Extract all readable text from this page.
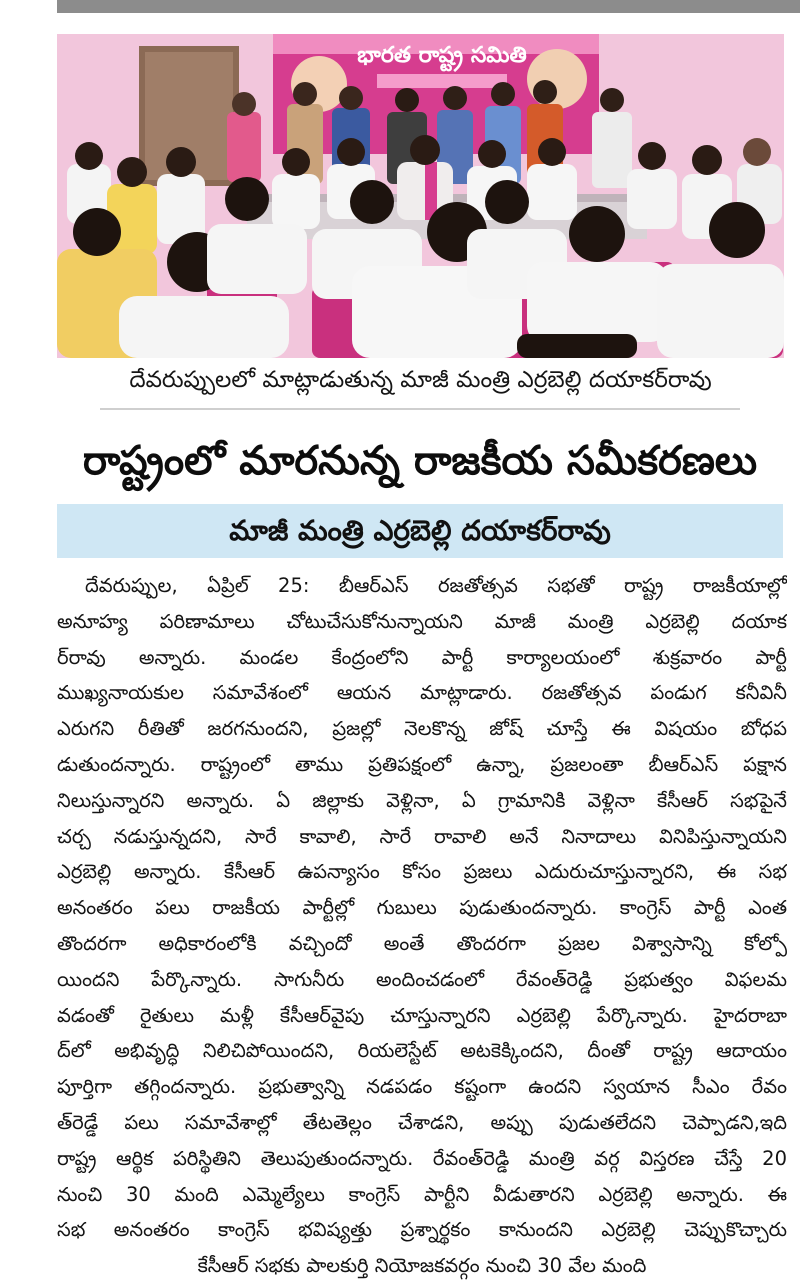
భారత రాష్ట్ర సమితి
దేవరుప్పులలో మాట్లాడుతున్న మాజీ మంత్రి ఎర్రబెల్లి దయాకర్‌రావు
రాష్ట్రంలో మారనున్న రాజకీయ సమీకరణలు
మాజీ మంత్రి ఎర్రబెల్లి దయాకర్‌రావు
దేవరుప్పుల, ఏప్రిల్ 25: బీఆర్ఎస్ రజతోత్సవ సభతో రాష్ట్ర రాజకీయాల్లో
అనూహ్య పరిణామాలు చోటుచేసుకోనున్నాయని మాజీ మంత్రి ఎర్రబెల్లి దయాక
ర్‌రావు అన్నారు. మండల కేంద్రంలోని పార్టీ కార్యాలయంలో శుక్రవారం పార్టీ
ముఖ్యనాయకుల సమావేశంలో ఆయన మాట్లాడారు. రజతోత్సవ పండుగ కనీవినీ
ఎరుగని రీతితో జరగనుందని, ప్రజల్లో నెలకొన్న జోష్ చూస్తే ఈ విషయం బోధప
డుతుందన్నారు. రాష్ట్రంలో తాము ప్రతిపక్షంలో ఉన్నా, ప్రజలంతా బీఆర్ఎస్ పక్షాన
నిలుస్తున్నారని అన్నారు. ఏ జిల్లాకు వెళ్లినా, ఏ గ్రామానికి వెళ్లినా కేసీఆర్ సభపైనే
చర్చ నడుస్తున్నదని, సారే కావాలి, సారే రావాలి అనే నినాదాలు వినిపిస్తున్నాయని
ఎర్రబెల్లి అన్నారు. కేసీఆర్ ఉపన్యాసం కోసం ప్రజలు ఎదురుచూస్తున్నారని, ఈ సభ
అనంతరం పలు రాజకీయ పార్టీల్లో గుబులు పుడుతుందన్నారు. కాంగ్రెస్ పార్టీ ఎంత
తొందరగా అధికారంలోకి వచ్చిందో అంతే తొందరగా ప్రజల విశ్వాసాన్ని కోల్పో
యిందని పేర్కొన్నారు. సాగునీరు అందించడంలో రేవంత్‌రెడ్డి ప్రభుత్వం విఫలమ
వడంతో రైతులు మళ్లీ కేసీఆర్‌వైపు చూస్తున్నారని ఎర్రబెల్లి పేర్కొన్నారు. హైదరాబా
ద్‌లో అభివృద్ధి నిలిచిపోయిందని, రియలెస్టేట్ అటకెక్కిందని, దీంతో రాష్ట్ర ఆదాయం
పూర్తిగా తగ్గిందన్నారు. ప్రభుత్వాన్ని నడపడం కష్టంగా ఉందని స్వయాన సీఎం రేవం
త్‌రెడ్డే పలు సమావేశాల్లో తేటతెల్లం చేశాడని, అప్పు పుడుతలేదని చెప్పాడని,ఇది
రాష్ట్ర ఆర్థిక పరిస్థితిని తెలుపుతుందన్నారు. రేవంత్‌రెడ్డి మంత్రి వర్గ విస్తరణ చేస్తే 20
నుంచి 30 మంది ఎమ్మెల్యేలు కాంగ్రెస్ పార్టీని వీడుతారని ఎర్రబెల్లి అన్నారు. ఈ
సభ అనంతరం కాంగ్రెస్ భవిష్యత్తు ప్రశ్నార్థకం కానుందని ఎర్రబెల్లి చెప్పుకొచ్చారు
కేసీఆర్ సభకు పాలకుర్తి నియోజకవర్గం నుంచి 30 వేల మంది
